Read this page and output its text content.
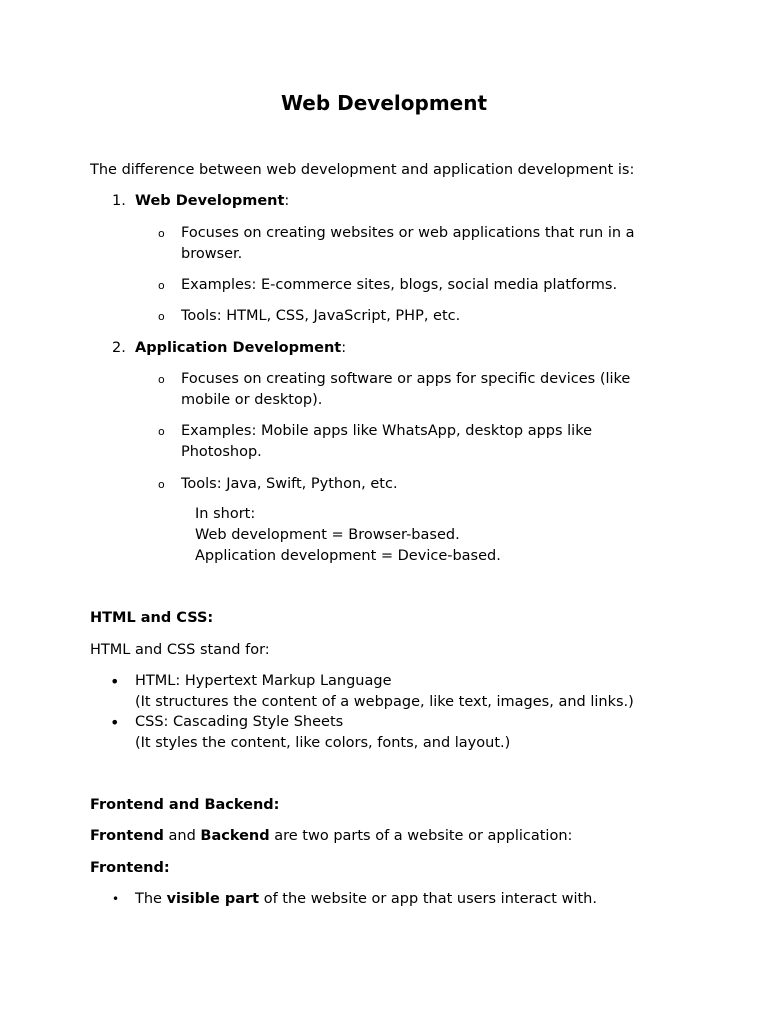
Web Development
The difference between web development and application development is:
1. Web Development:
o Focuses on creating websites or web applications that run in a browser.
o Examples: E-commerce sites, blogs, social media platforms.
o Tools: HTML, CSS, JavaScript, PHP, etc.
2. Application Development:
o Focuses on creating software or apps for specific devices (like mobile or desktop).
o Examples: Mobile apps like WhatsApp, desktop apps like Photoshop.
o Tools: Java, Swift, Python, etc.
In short:
Web development = Browser-based.
Application development = Device-based.
HTML and CSS:
HTML and CSS stand for:
• HTML: Hypertext Markup Language
(It structures the content of a webpage, like text, images, and links.)
• CSS: Cascading Style Sheets
(It styles the content, like colors, fonts, and layout.)
Frontend and Backend:
Frontend and Backend are two parts of a website or application:
Frontend:
• The visible part of the website or app that users interact with.
